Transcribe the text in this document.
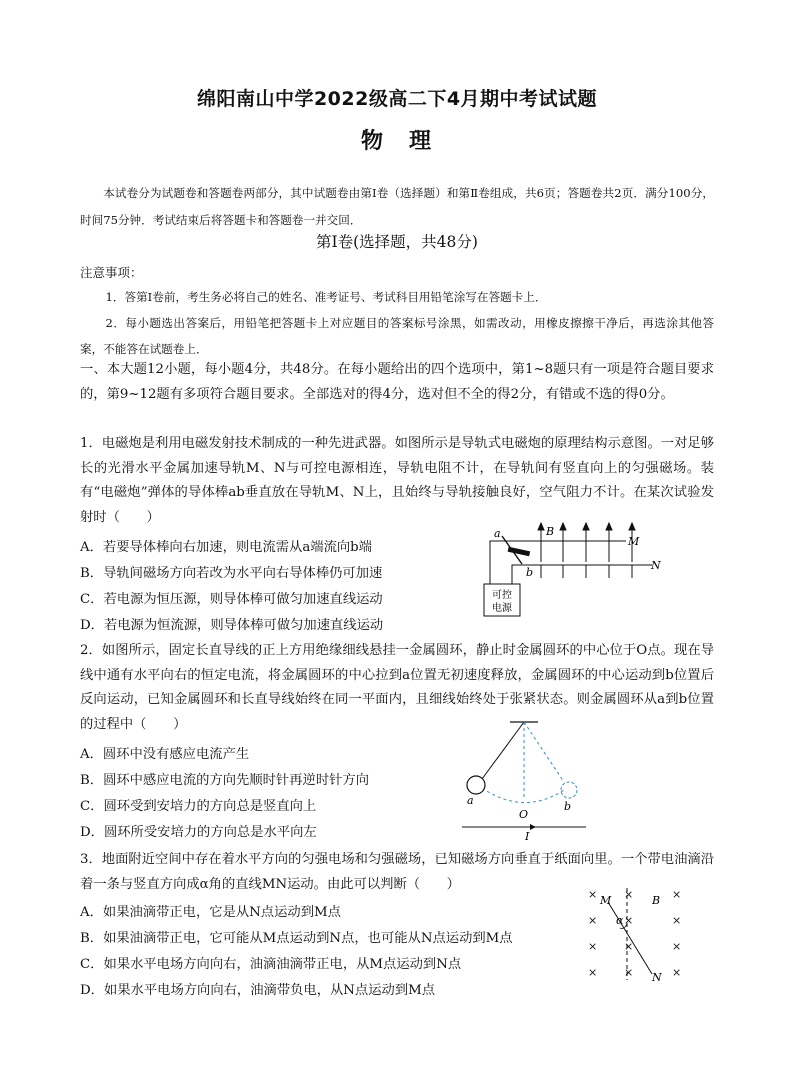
绵阳南山中学2022级高二下4月期中考试试题
物　理
本试卷分为试题卷和答题卷两部分，其中试题卷由第Ⅰ卷（选择题）和第Ⅱ卷组成，共6页；答题卷共2页．满分100分，时间75分钟．考试结束后将答题卡和答题卷一并交回．
第Ⅰ卷(选择题，共48分)
注意事项：
1．答第Ⅰ卷前，考生务必将自己的姓名、准考证号、考试科目用铅笔涂写在答题卡上．
2．每小题选出答案后，用铅笔把答题卡上对应题目的答案标号涂黑，如需改动，用橡皮擦擦干净后，再选涂其他答案，不能答在试题卷上．
一、本大题12小题，每小题4分，共48分。在每小题给出的四个选项中，第1~8题只有一项是符合题目要求的，第9~12题有多项符合题目要求。全部选对的得4分，选对但不全的得2分，有错或不选的得0分。
1．电磁炮是利用电磁发射技术制成的一种先进武器。如图所示是导轨式电磁炮的原理结构示意图。一对足够长的光滑水平金属加速导轨M、N与可控电源相连，导轨电阻不计，在导轨间有竖直向上的匀强磁场。装有“电磁炮”弹体的导体棒ab垂直放在导轨M、N上，且始终与导轨接触良好，空气阻力不计。在某次试验发射时（　　）
A．若要导体棒向右加速，则电流需从a端流向b端
B．导轨间磁场方向若改为水平向右导体棒仍可加速
C．若电源为恒压源，则导体棒可做匀加速直线运动
D．若电源为恒流源，则导体棒可做匀加速直线运动
可控
电源
a	B
M
N
b
2．如图所示，固定长直导线的正上方用绝缘细线悬挂一金属圆环，静止时金属圆环的中心位于O点。现在导线中通有水平向右的恒定电流，将金属圆环的中心拉到a位置无初速度释放，金属圆环的中心运动到b位置后反向运动，已知金属圆环和长直导线始终在同一平面内，且细线始终处于张紧状态。则金属圆环从a到b位置的过程中（　　）
A．圆环中没有感应电流产生
B．圆环中感应电流的方向先顺时针再逆时针方向
C．圆环受到安培力的方向总是竖直向上
D．圆环所受安培力的方向总是水平向左
a
O
b
I
3．地面附近空间中存在着水平方向的匀强电场和匀强磁场，已知磁场方向垂直于纸面向里。一个带电油滴沿着一条与竖直方向成α角的直线MN运动。由此可以判断（　　）
A．如果油滴带正电，它是从N点运动到M点
B．如果油滴带正电，它可能从M点运动到N点，也可能从N点运动到M点
C．如果水平电场方向向右，油滴油滴带正电，从M点运动到N点
D．如果水平电场方向向右，油滴带负电，从N点运动到M点
× ×	×
× ×	×
× ×	×
× ×	×
M
α
B
N
